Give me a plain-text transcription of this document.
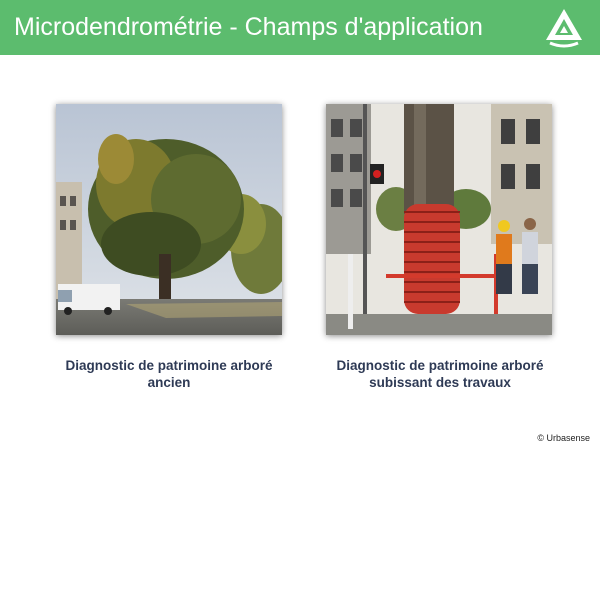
Microdendrométrie - Champs d'application
Diagnostic de patrimoine arboré
ancien
Diagnostic de patrimoine arboré
subissant des travaux
© Urbasense
